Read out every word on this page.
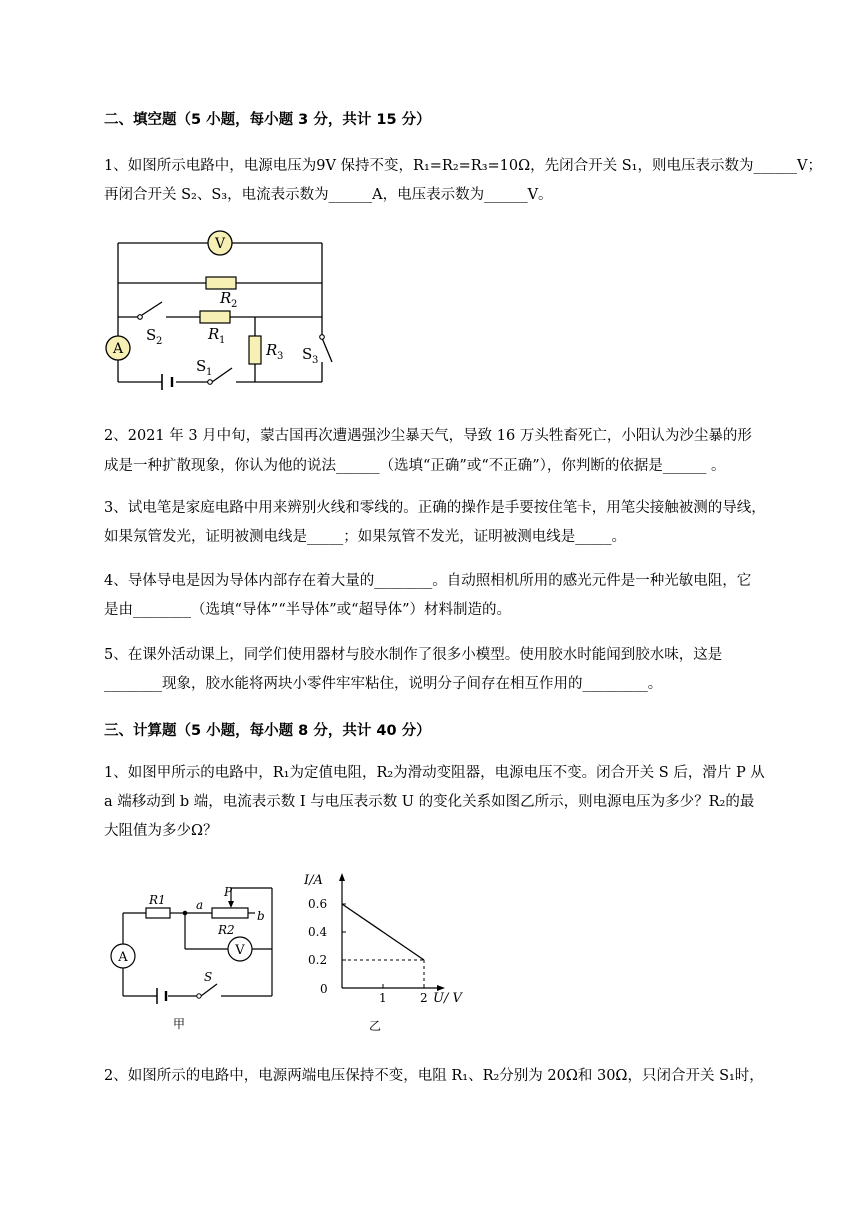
二、填空题（5 小题，每小题 3 分，共计 15 分）
1、如图所示电路中，电源电压为9V 保持不变，R₁=R₂=R₃=10Ω，先闭合开关 S₁，则电压表示数为______V；
再闭合开关 S₂、S₃，电流表示数为______A，电压表示数为______V。
V
A
R 2
R 1
R 3
S 2
S 1
S 3
2、2021 年 3 月中旬，蒙古国再次遭遇强沙尘暴天气，导致 16 万头牲畜死亡，小阳认为沙尘暴的形
成是一种扩散现象，你认为他的说法______（选填“正确”或“不正确”），你判断的依据是______ 。
3、试电笔是家庭电路中用来辨别火线和零线的。正确的操作是手要按住笔卡，用笔尖接触被测的导线，
如果氖管发光，证明被测电线是_____；如果氖管不发光，证明被测电线是_____。
4、导体导电是因为导体内部存在着大量的________。自动照相机所用的感光元件是一种光敏电阻，它
是由________（选填“导体”“半导体”或“超导体”）材料制造的。
5、在课外活动课上，同学们使用器材与胶水制作了很多小模型。使用胶水时能闻到胶水味，这是
________现象，胶水能将两块小零件牢牢粘住，说明分子间存在相互作用的_________。
三、计算题（5 小题，每小题 8 分，共计 40 分）
1、如图甲所示的电路中，R₁为定值电阻，R₂为滑动变阻器，电源电压不变。闭合开关 S 后，滑片 P 从
a 端移动到 b 端，电流表示数 I 与电压表示数 U 的变化关系如图乙所示，则电源电压为多少？R₂的最
大阻值为多少Ω？
R1
R2
P
a
b
A	V
S
甲
0.2
0.4
0.6
1	2
I/A
U/ V
0
乙
2、如图所示的电路中，电源两端电压保持不变，电阻 R₁、R₂分别为 20Ω和 30Ω，只闭合开关 S₁时，
